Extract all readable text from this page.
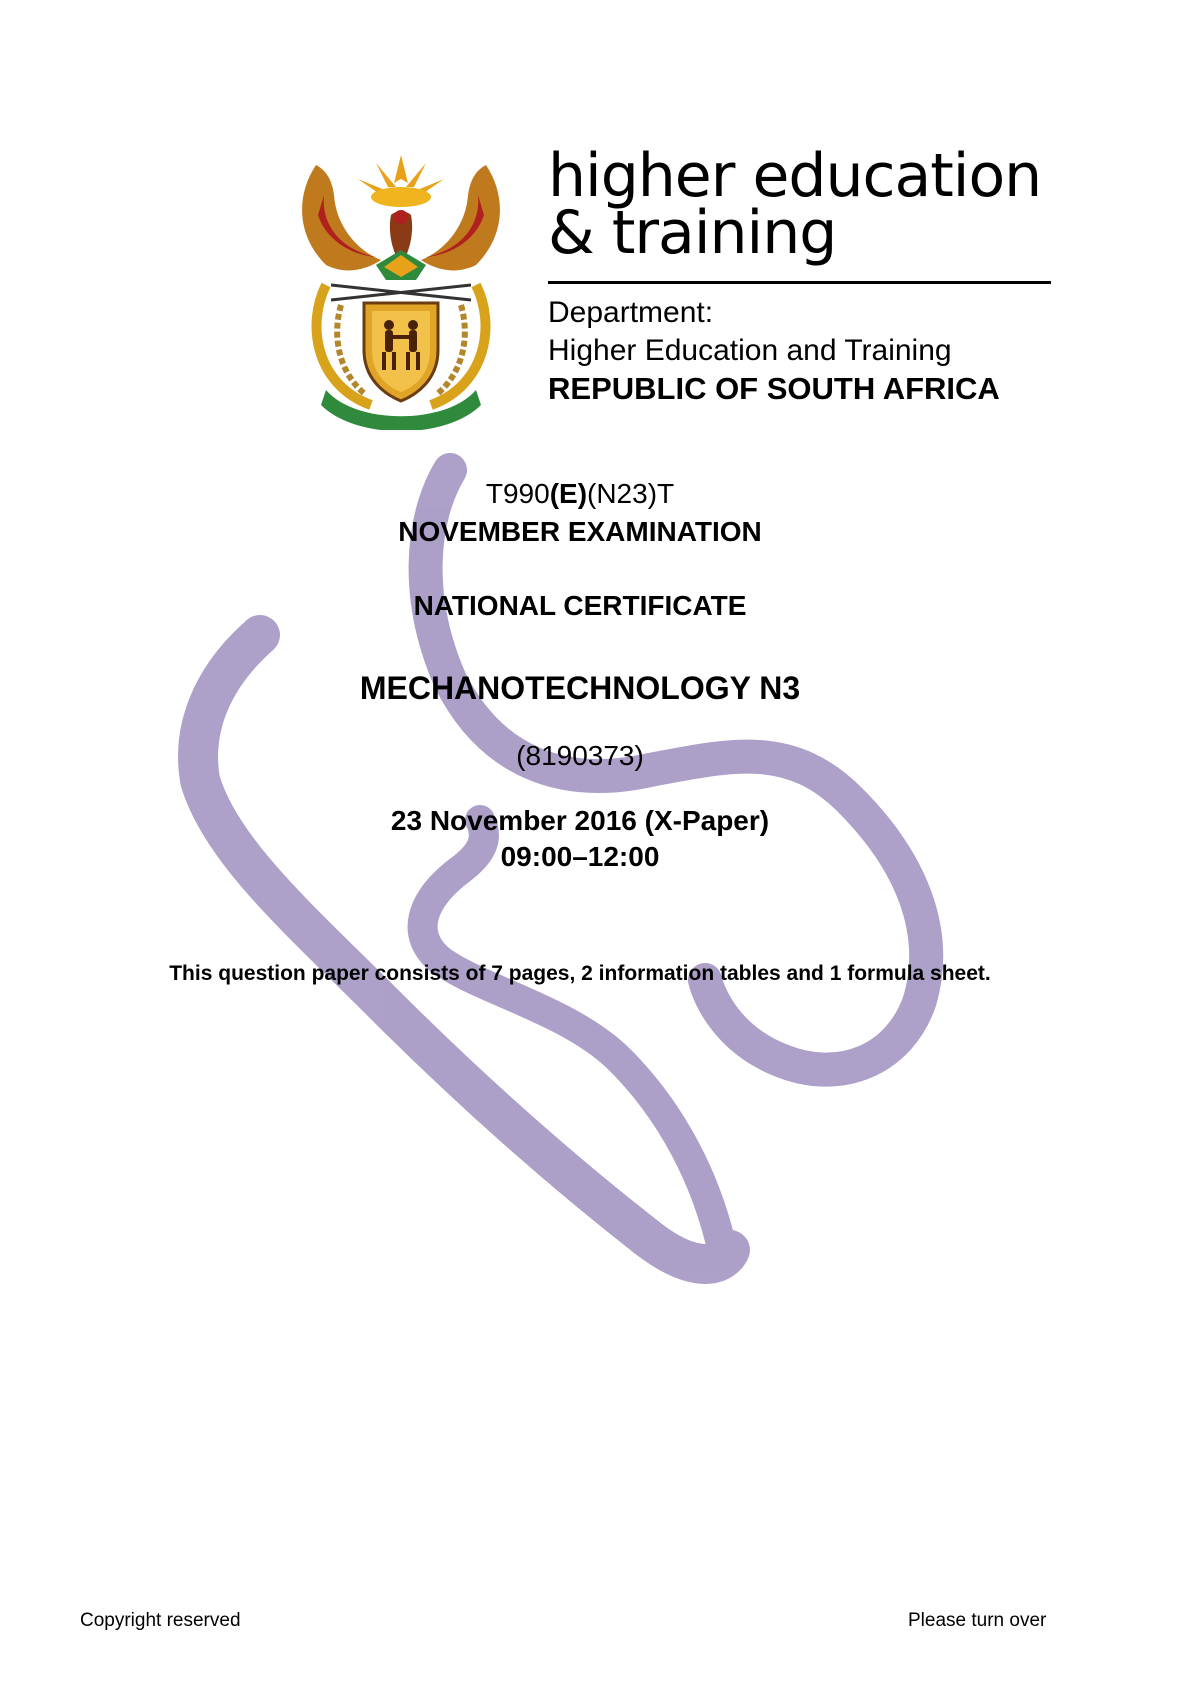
higher education
& training
Department:
Higher Education and Training
REPUBLIC OF SOUTH AFRICA
T990(E)(N23)T
NOVEMBER EXAMINATION
NATIONAL CERTIFICATE
MECHANOTECHNOLOGY N3
(8190373)
23 November 2016 (X-Paper)
09:00–12:00
This question paper consists of 7 pages, 2 information tables and 1 formula sheet.
Copyright reserved	Please turn over
